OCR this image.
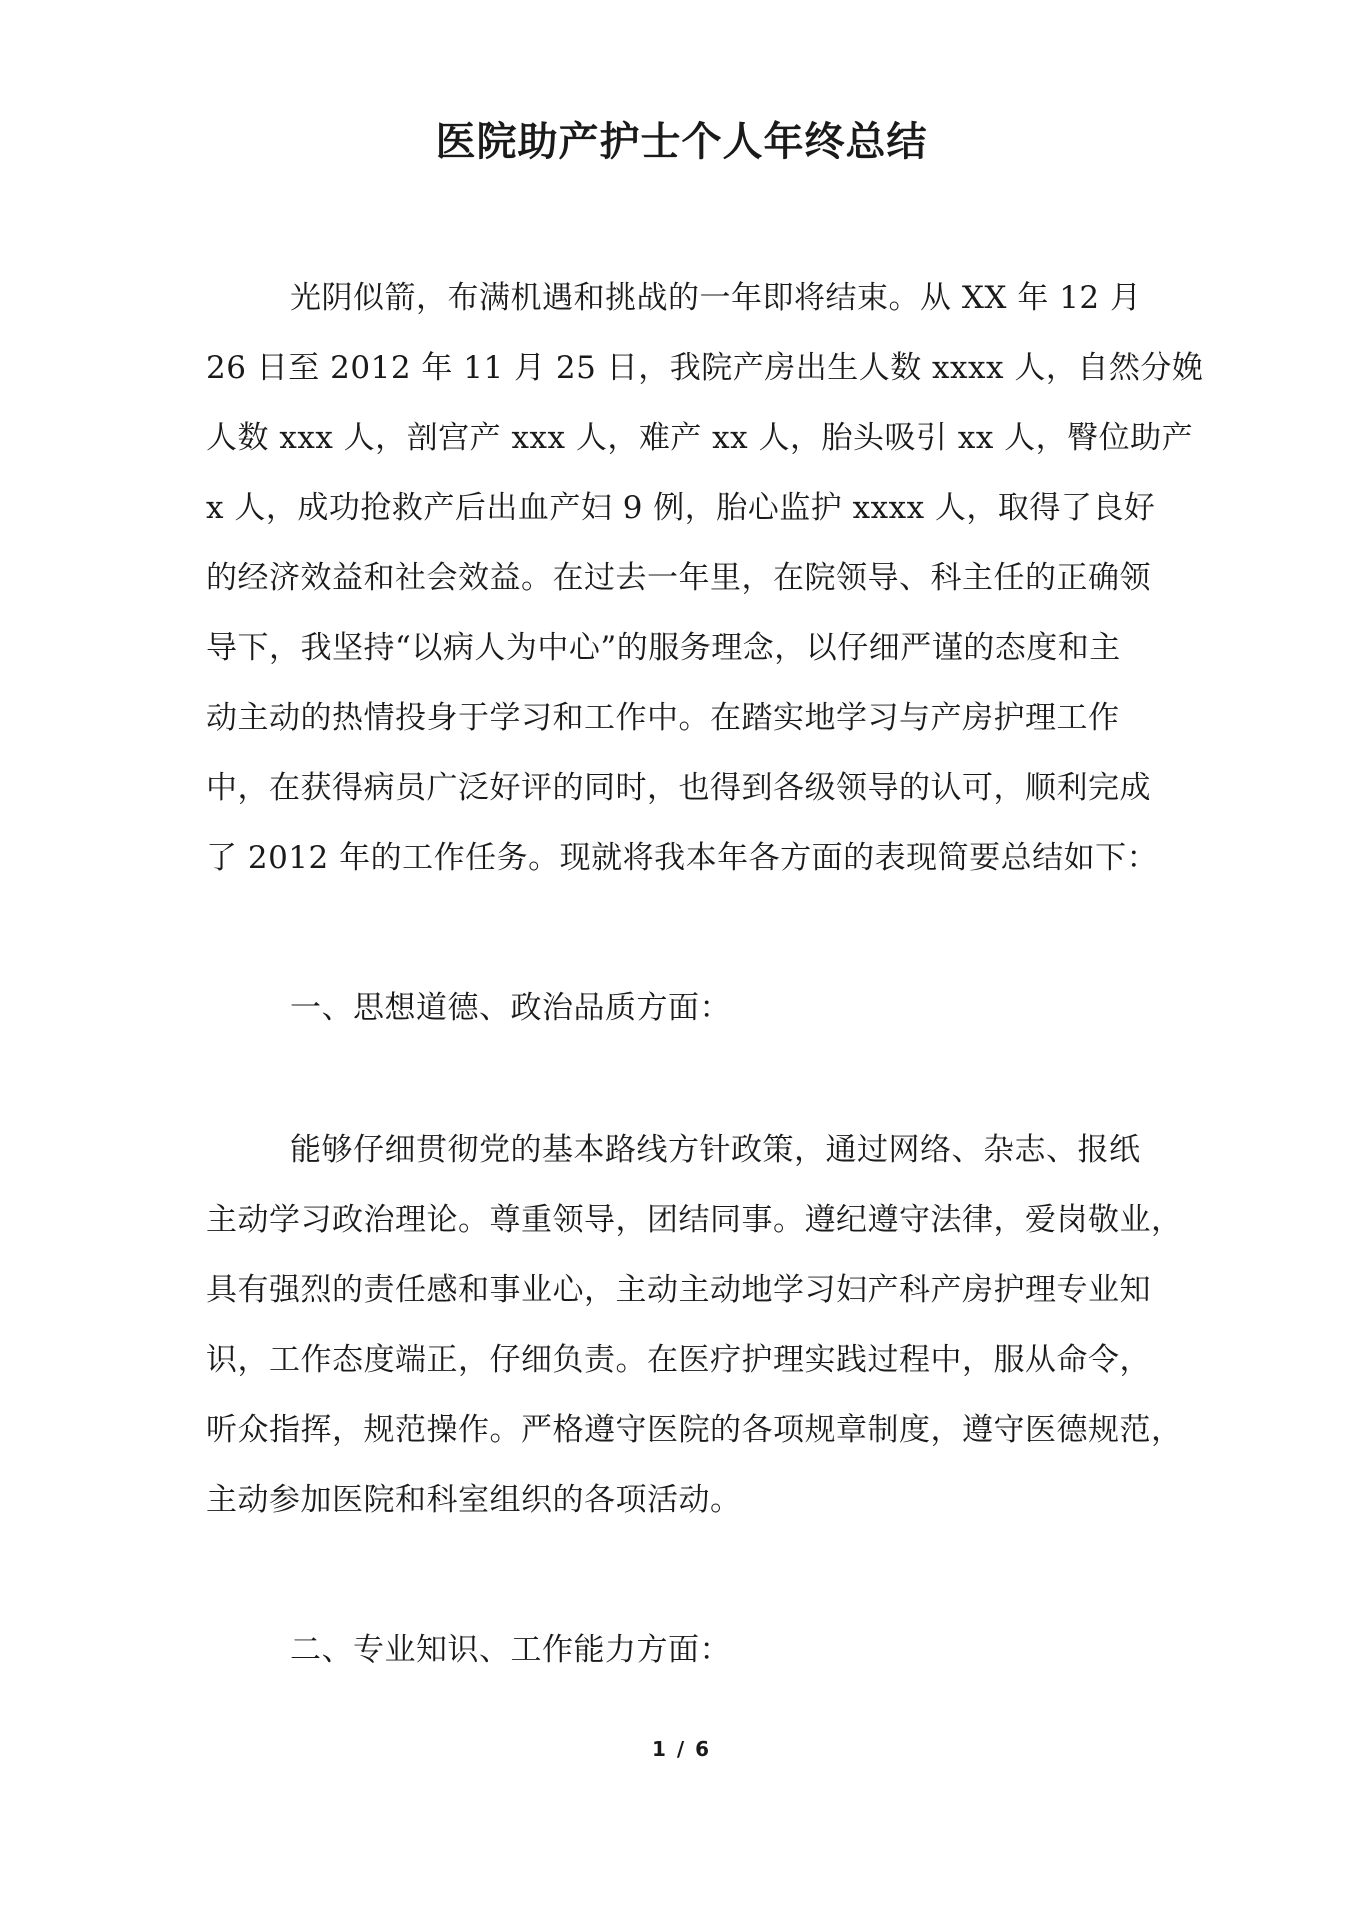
医院助产护士个人年终总结
光阴似箭，布满机遇和挑战的一年即将结束。从 XX 年 12 月
26 日至 2012 年 11 月 25 日，我院产房出生人数 xxxx 人，自然分娩
人数 xxx 人，剖宫产 xxx 人，难产 xx 人，胎头吸引 xx 人，臀位助产
x 人，成功抢救产后出血产妇 9 例，胎心监护 xxxx 人，取得了良好
的经济效益和社会效益。在过去一年里，在院领导、科主任的正确领
导下，我坚持“以病人为中心”的服务理念，以仔细严谨的态度和主
动主动的热情投身于学习和工作中。在踏实地学习与产房护理工作
中，在获得病员广泛好评的同时，也得到各级领导的认可，顺利完成
了 2012 年的工作任务。现就将我本年各方面的表现简要总结如下：
一、思想道德、政治品质方面：
能够仔细贯彻党的基本路线方针政策，通过网络、杂志、报纸
主动学习政治理论。尊重领导，团结同事。遵纪遵守法律，爱岗敬业，
具有强烈的责任感和事业心，主动主动地学习妇产科产房护理专业知
识，工作态度端正，仔细负责。在医疗护理实践过程中，服从命令，
听众指挥，规范操作。严格遵守医院的各项规章制度，遵守医德规范，
主动参加医院和科室组织的各项活动。
二、专业知识、工作能力方面：
1 / 6
